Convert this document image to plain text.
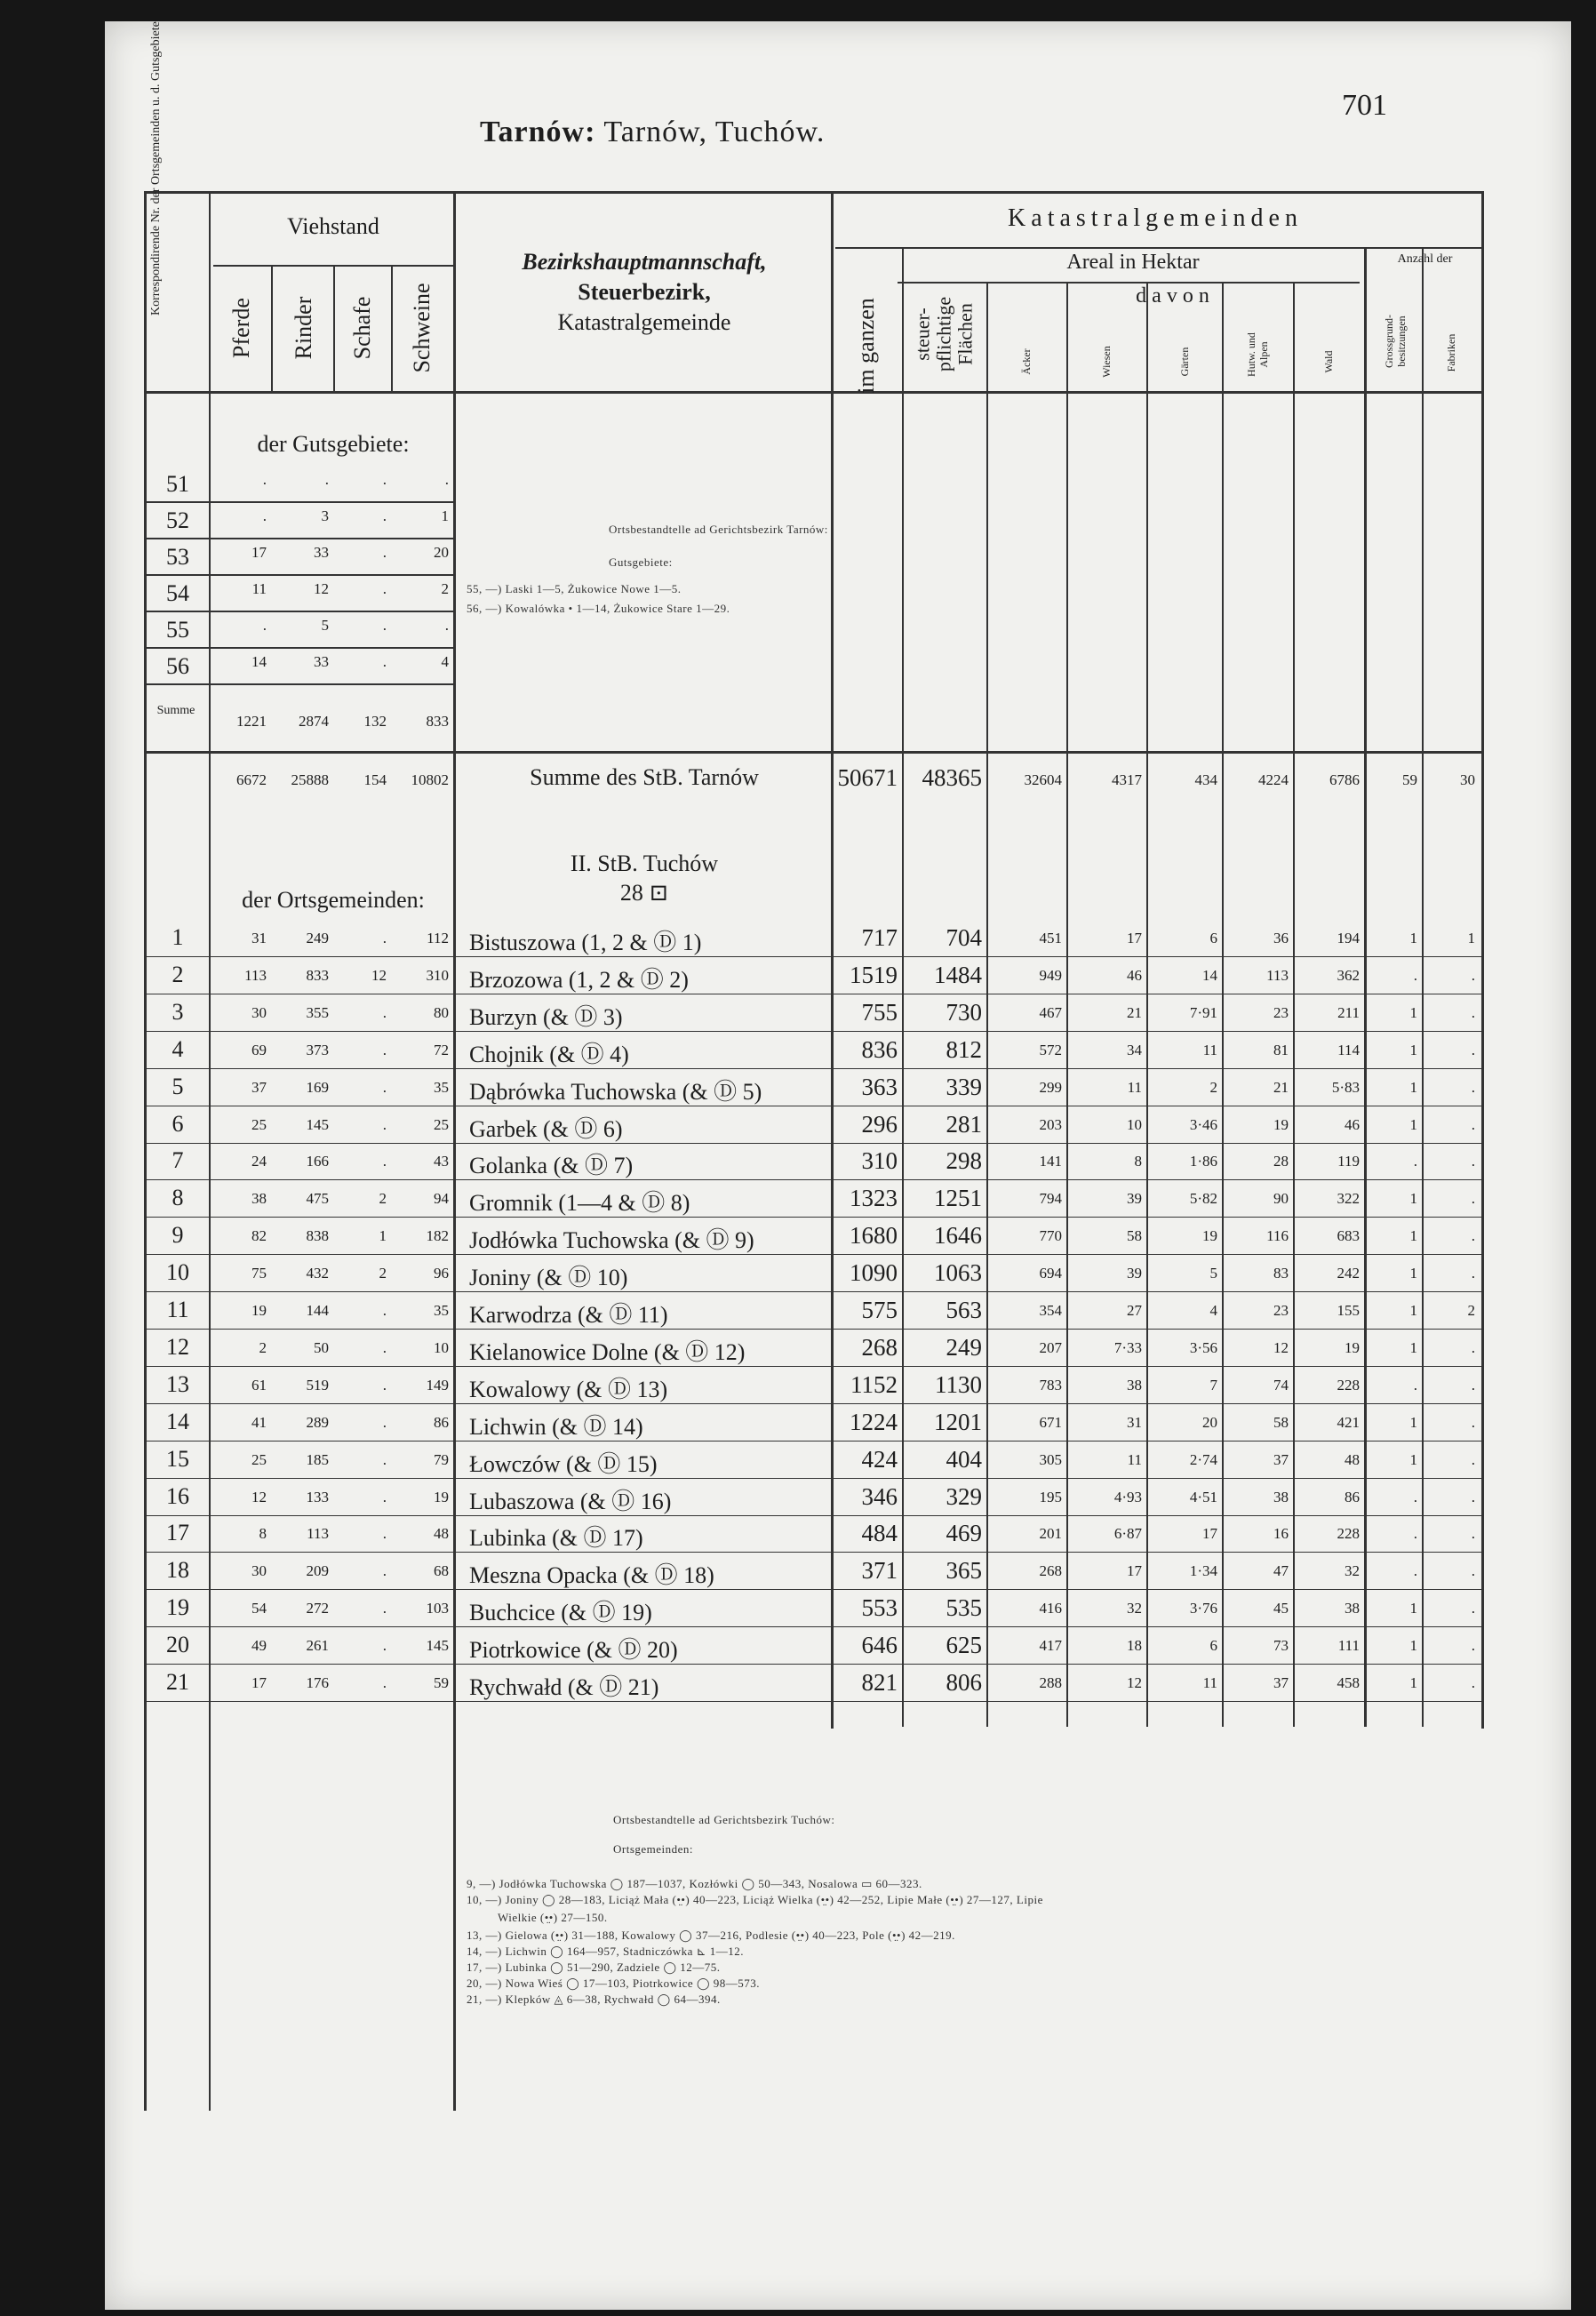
701
Tarnów: Tarnów, Tuchów.
Viehstand
Pferde Rinder Schafe Schweine
Bezirkshauptmannschaft,
Steuerbezirk,
Katastralgemeinde
Katastralgemeinden
Areal in Hektar	Anzahl der
davon
im ganzen steuer-pflichtige Flächen	Äcker	Wiesen	Gärten	Hutw. und Alpen	Wald	Grossgrund-besitzungen	Fabriken
der Gutsgebiete:
51	.	.	.	.
52	.	3	.	1
53	17	33	.	20
54	11	12	.	2
55	.	5	.	.
56	14	33	.	4
Summe
1221	2874	132	833
Ortsbestandtelle ad Gerichtsbezirk Tarnów:
Gutsgebiete:
55, —) Laski 1—5, Żukowice Nowe 1—5.
56, —) Kowalówka • 1—14, Żukowice Stare 1—29.
6672	25888	154	10802	Summe des StB. Tarnów	50671	48365	32604	4317	434	4224	6786	59	30
II. StB. Tuchów
28 ⊡
der Ortsgemeinden:
1	31	249	.	112 Bistuszowa (1, 2 & Ⓓ 1)	717	704	451	17	6	36	194	1	1
2	113	833	12	310 Brzozowa (1, 2 & Ⓓ 2)	1519	1484	949	46	14	113	362	.	.
3	30	355	.	80 Burzyn (& Ⓓ 3)	755	730	467	21	7·91	23	211	1	.
4	69	373	.	72 Chojnik (& Ⓓ 4)	836	812	572	34	11	81	114	1	.
5	37	169	.	35 Dąbrówka Tuchowska (& Ⓓ 5)	363	339	299	11	2	21	5·83	1	.
6	25	145	.	25 Garbek (& Ⓓ 6)	296	281	203	10	3·46	19	46	1	.
7	24	166	.	43 Golanka (& Ⓓ 7)	310	298	141	8	1·86	28	119	.	.
8	38	475	2	94 Gromnik (1—4 & Ⓓ 8)	1323	1251	794	39	5·82	90	322	1	.
9	82	838	1	182 Jodłówka Tuchowska (& Ⓓ 9)	1680	1646	770	58	19	116	683	1	.
10	75	432	2	96 Joniny (& Ⓓ 10)	1090	1063	694	39	5	83	242	1	.
11	19	144	.	35 Karwodrza (& Ⓓ 11)	575	563	354	27	4	23	155	1	2
12	2	50	.	10 Kielanowice Dolne (& Ⓓ 12)	268	249	207	7·33	3·56	12	19	1	.
13	61	519	.	149 Kowalowy (& Ⓓ 13)	1152	1130	783	38	7	74	228	.	.
14	41	289	.	86 Lichwin (& Ⓓ 14)	1224	1201	671	31	20	58	421	1	.
15	25	185	.	79 Łowczów (& Ⓓ 15)	424	404	305	11	2·74	37	48	1	.
16	12	133	.	19 Lubaszowa (& Ⓓ 16)	346	329	195	4·93	4·51	38	86	.	.
17	8	113	.	48 Lubinka (& Ⓓ 17)	484	469	201	6·87	17	16	228	.	.
18	30	209	.	68 Meszna Opacka (& Ⓓ 18)	371	365	268	17	1·34	47	32	.	.
19	54	272	.	103 Buchcice (& Ⓓ 19)	553	535	416	32	3·76	45	38	1	.
20	49	261	.	145 Piotrkowice (& Ⓓ 20)	646	625	417	18	6	73	111	1	.
21	17	176	.	59 Rychwałd (& Ⓓ 21)	821	806	288	12	11	37	458	1	.
Ortsbestandtelle ad Gerichtsbezirk Tuchów:
Ortsgemeinden:
9, —) Jodłówka Tuchowska ◯ 187—1037, Kozłówki ◯ 50—343, Nosalowa ▭ 60—323.
10, —) Joniny ◯ 28—183, Liciąż Mała (•̤•) 40—223, Liciąż Wielka (•̤•) 42—252, Lipie Małe (•̤•) 27—127, Lipie
Wielkie (•̤•) 27—150.
13, —) Gielowa (•̤•) 31—188, Kowalowy ◯ 37—216, Podlesie (•̤•) 40—223, Pole (•̤•) 42—219.
14, —) Lichwin ◯ 164—957, Stadniczówka ⊾ 1—12.
17, —) Lubinka ◯ 51—290, Zadziele ◯ 12—75.
20, —) Nowa Wieś ◯ 17—103, Piotrkowice ◯ 98—573.
21, —) Klepków ◬ 6—38, Rychwałd ◯ 64—394.
